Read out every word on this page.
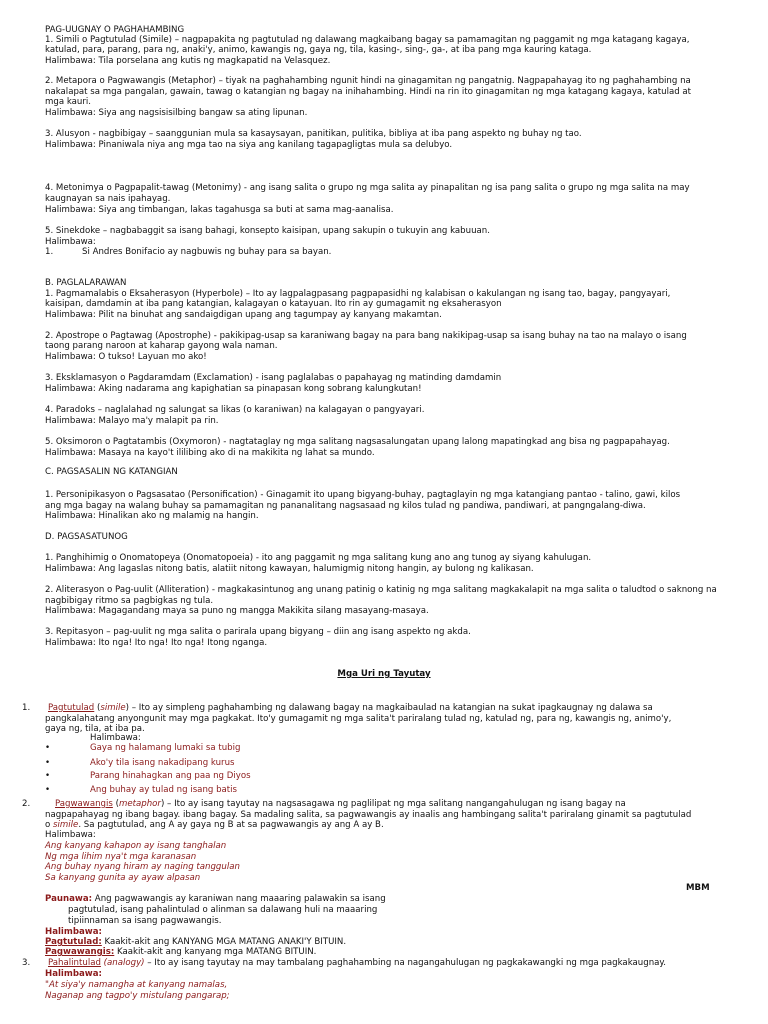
PAG-UUGNAY O PAGHAHAMBING
1. Simili o Pagtutulad (Simile) – nagpapakita ng pagtutulad ng dalawang magkaibang bagay sa pamamagitan ng paggamit ng mga katagang kagaya,
katulad, para, parang, para ng, anaki'y, animo, kawangis ng, gaya ng, tila, kasing-, sing-, ga-, at iba pang mga kauring kataga.
Halimbawa: Tila porselana ang kutis ng magkapatid na Velasquez.
2. Metapora o Pagwawangis (Metaphor) – tiyak na paghahambing ngunit hindi na ginagamitan ng pangatnig. Nagpapahayag ito ng paghahambing na
nakalapat sa mga pangalan, gawain, tawag o katangian ng bagay na inihahambing. Hindi na rin ito ginagamitan ng mga katagang kagaya, katulad at
mga kauri.
Halimbawa: Siya ang nagsisisilbing bangaw sa ating lipunan.
3. Alusyon - nagbibigay – saanggunian mula sa kasaysayan, panitikan, pulitika, bibliya at iba pang aspekto ng buhay ng tao.
Halimbawa: Pinaniwala niya ang mga tao na siya ang kanilang tagapagligtas mula sa delubyo.
4. Metonimya o Pagpapalit-tawag (Metonimy) - ang isang salita o grupo ng mga salita ay pinapalitan ng isa pang salita o grupo ng mga salita na may
kaugnayan sa nais ipahayag.
Halimbawa: Siya ang timbangan, lakas tagahusga sa buti at sama mag-aanalisa.
5. Sinekdoke – nagbabaggit sa isang bahagi, konsepto kaisipan, upang sakupin o tukuyin ang kabuuan.
Halimbawa:
1.	Si Andres Bonifacio ay nagbuwis ng buhay para sa bayan.
B. PAGLALARAWAN
1. Pagmamalabis o Eksaherasyon (Hyperbole) – Ito ay lagpalagpasang pagpapasidhi ng kalabisan o kakulangan ng isang tao, bagay, pangyayari,
kaisipan, damdamin at iba pang katangian, kalagayan o katayuan. Ito rin ay gumagamit ng eksaherasyon
Halimbawa: Pilit na binuhat ang sandaigdigan upang ang tagumpay ay kanyang makamtan.
2. Apostrope o Pagtawag (Apostrophe) - pakikipag-usap sa karaniwang bagay na para bang nakikipag-usap sa isang buhay na tao na malayo o isang
taong parang naroon at kaharap gayong wala naman.
Halimbawa: O tukso! Layuan mo ako!
3. Eksklamasyon o Pagdaramdam (Exclamation) - isang paglalabas o papahayag ng matinding damdamin
Halimbawa: Aking nadarama ang kapighatian sa pinapasan kong sobrang kalungkutan!
4. Paradoks – naglalahad ng salungat sa likas (o karaniwan) na kalagayan o pangyayari.
Halimbawa: Malayo ma'y malapit pa rin.
5. Oksimoron o Pagtatambis (Oxymoron) - nagtataglay ng mga salitang nagsasalungatan upang lalong mapatingkad ang bisa ng pagpapahayag.
Halimbawa: Masaya na kayo't ililibing ako di na makikita ng lahat sa mundo.
C. PAGSASALIN NG KATANGIAN
1. Personipikasyon o Pagsasatao (Personification) - Ginagamit ito upang bigyang-buhay, pagtaglayin ng mga katangiang pantao - talino, gawi, kilos
ang mga bagay na walang buhay sa pamamagitan ng pananalitang nagsasaad ng kilos tulad ng pandiwa, pandiwari, at pangngalang-diwa.
Halimbawa: Hinalikan ako ng malamig na hangin.
D. PAGSASATUNOG
1. Panghihimig o Onomatopeya (Onomatopoeia) - ito ang paggamit ng mga salitang kung ano ang tunog ay siyang kahulugan.
Halimbawa: Ang lagaslas nitong batis, alatiit nitong kawayan, halumigmig nitong hangin, ay bulong ng kalikasan.
2. Aliterasyon o Pag-uulit (Alliteration) - magkakasintunog ang unang patinig o katinig ng mga salitang magkakalapit na mga salita o taludtod o saknong na
nagbibigay ritmo sa pagbigkas ng tula.
Halimbawa: Magagandang maya sa puno ng mangga Makikita silang masayang-masaya.
3. Repitasyon – pag-uulit ng mga salita o parirala upang bigyang – diin ang isang aspekto ng akda.
Halimbawa: Ito nga! Ito nga! Ito nga! Itong nganga.
Mga Uri ng Tayutay
1. Pagtutulad (simile) – Ito ay simpleng paghahambing ng dalawang bagay na magkaibaulad na katangian na sukat ipagkaugnay ng dalawa sa
pangkalahatang anyongunit may mga pagkakat. Ito'y gumagamit ng mga salita't pariralang tulad ng, katulad ng, para ng, kawangis ng, animo'y,
gaya ng, tila, at iba pa.
Halimbawa:
•	Gaya ng halamang lumaki sa tubig
•	Ako'y tila isang nakadipang kurus
•	Parang hinahagkan ang paa ng Diyos
•	Ang buhay ay tulad ng isang batis
2.	Pagwawangis (metaphor) – Ito ay isang tayutay na nagsasagawa ng paglilipat ng mga salitang nangangahulugan ng isang bagay na
nagpapahayag ng ibang bagay. ibang bagay. Sa madaling salita, sa pagwawangis ay inaalis ang hambingang salita't pariralang ginamit sa pagtutulad
o simile. Sa pagtutulad, ang A ay gaya ng B at sa pagwawangis ay ang A ay B.
Halimbawa:
Ang kanyang kahapon ay isang tanghalan
Ng mga lihim nya't mga karanasan
Ang buhay nyang hiram ay naging tanggulan
Sa kanyang gunita ay ayaw alpasan
MBM
Paunawa: Ang pagwawangis ay karaniwan nang maaaring palawakin sa isang
pagtutulad, isang pahalintulad o alinman sa dalawang huli na maaaring
tipiinnaman sa isang pagwawangis.
Halimbawa:
Pagtutulad: Kaakit-akit ang KANYANG MGA MATANG ANAKI'Y BITUIN.
Pagwawangis: Kaakit-akit ang kanyang mga MATANG BITUIN.
3. Pahalintulad (analogy) – Ito ay isang tayutay na may tambalang paghahambing na nagangahulugan ng pagkakawangki ng mga pagkakaugnay.
Halimbawa:
"At siya'y namangha at kanyang namalas,
Naganap ang tagpo'y mistulang pangarap;
